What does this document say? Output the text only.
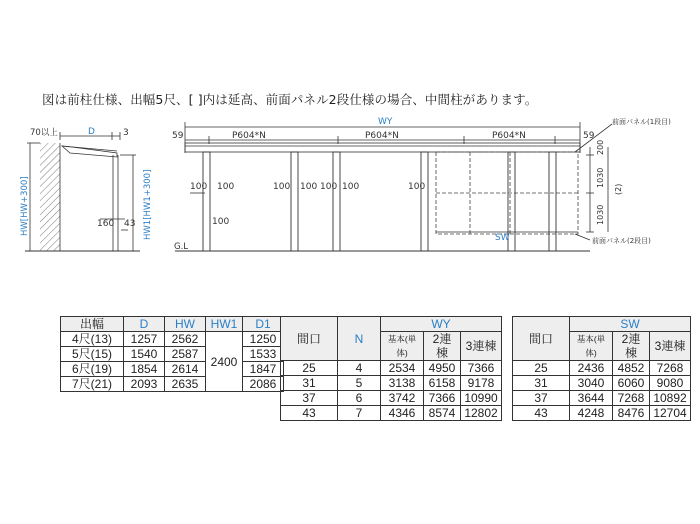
図は前柱仕様、出幅5尺、[ ]内は延高、前面パネル2段仕様の場合、中間柱があります。
70以上	D	3
HW[HW+300]	HW1[HW1+300]
160 43
WY
59	59
P604*N	P604*N	P604*N
100 100	100 100 100 100	100
100
SW
G.L
前面パネル(1段目)
前面パネル(2段目)
200
1030
1030
(2)
出幅	D	HW	HW1	D1
4尺(13)	1257	2562	2400	1250
5尺(15)	1540	2587		1533
6尺(19)	1854	2614		1847
7尺(21)	2093	2635		2086
間口	N	WY		
		基本(単体)	2連棟	3連棟
25	4	2534	4950	7366
31	5	3138	6158	9178
37	6	3742	7366	10990
43	7	4346	8574	12802
間口	SW		
	基本(単体)	2連棟	3連棟
25	2436	4852	7268
31	3040	6060	9080
37	3644	7268	10892
43	4248	8476	12704
